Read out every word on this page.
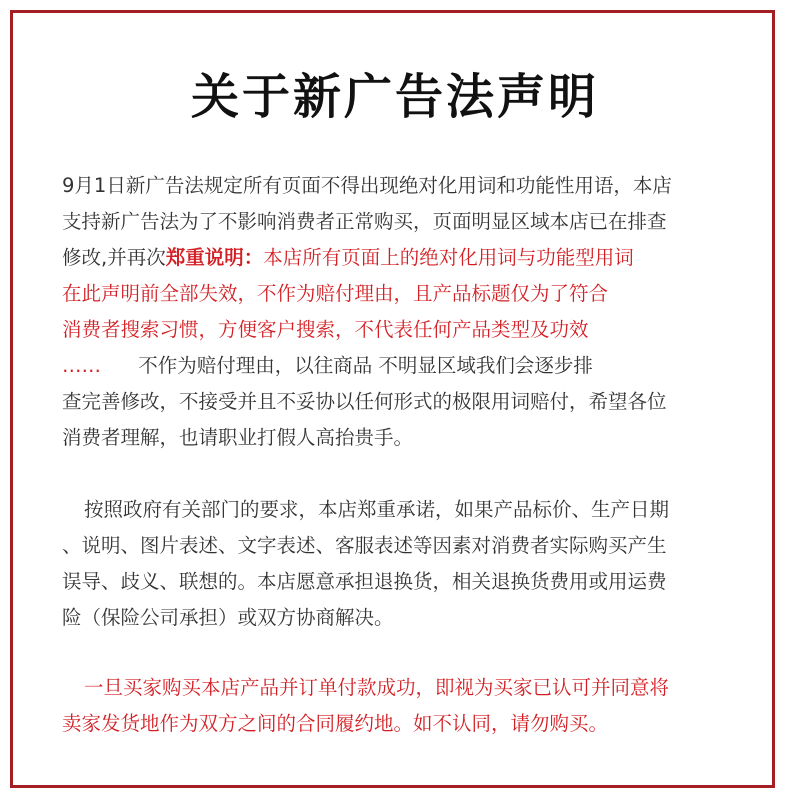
关于新广告法声明
9月1日新广告法规定所有页面不得出现绝对化用词和功能性用语，本店
支持新广告法为了不影响消费者正常购买，页面明显区域本店已在排查
修改,并再次郑重说明：本店所有页面上的绝对化用词与功能型用词
在此声明前全部失效，不作为赔付理由，且产品标题仅为了符合
消费者搜索习惯，方便客户搜索，不代表任何产品类型及功效
…… 不作为赔付理由，以往商品 不明显区域我们会逐步排
查完善修改，不接受并且不妥协以任何形式的极限用词赔付，希望各位
消费者理解，也请职业打假人高抬贵手。
按照政府有关部门的要求，本店郑重承诺，如果产品标价、生产日期
、说明、图片表述、文字表述、客服表述等因素对消费者实际购买产生
误导、歧义、联想的。本店愿意承担退换货，相关退换货费用或用运费
险（保险公司承担）或双方协商解决。
一旦买家购买本店产品并订单付款成功，即视为买家已认可并同意将
卖家发货地作为双方之间的合同履约地。如不认同，请勿购买。
